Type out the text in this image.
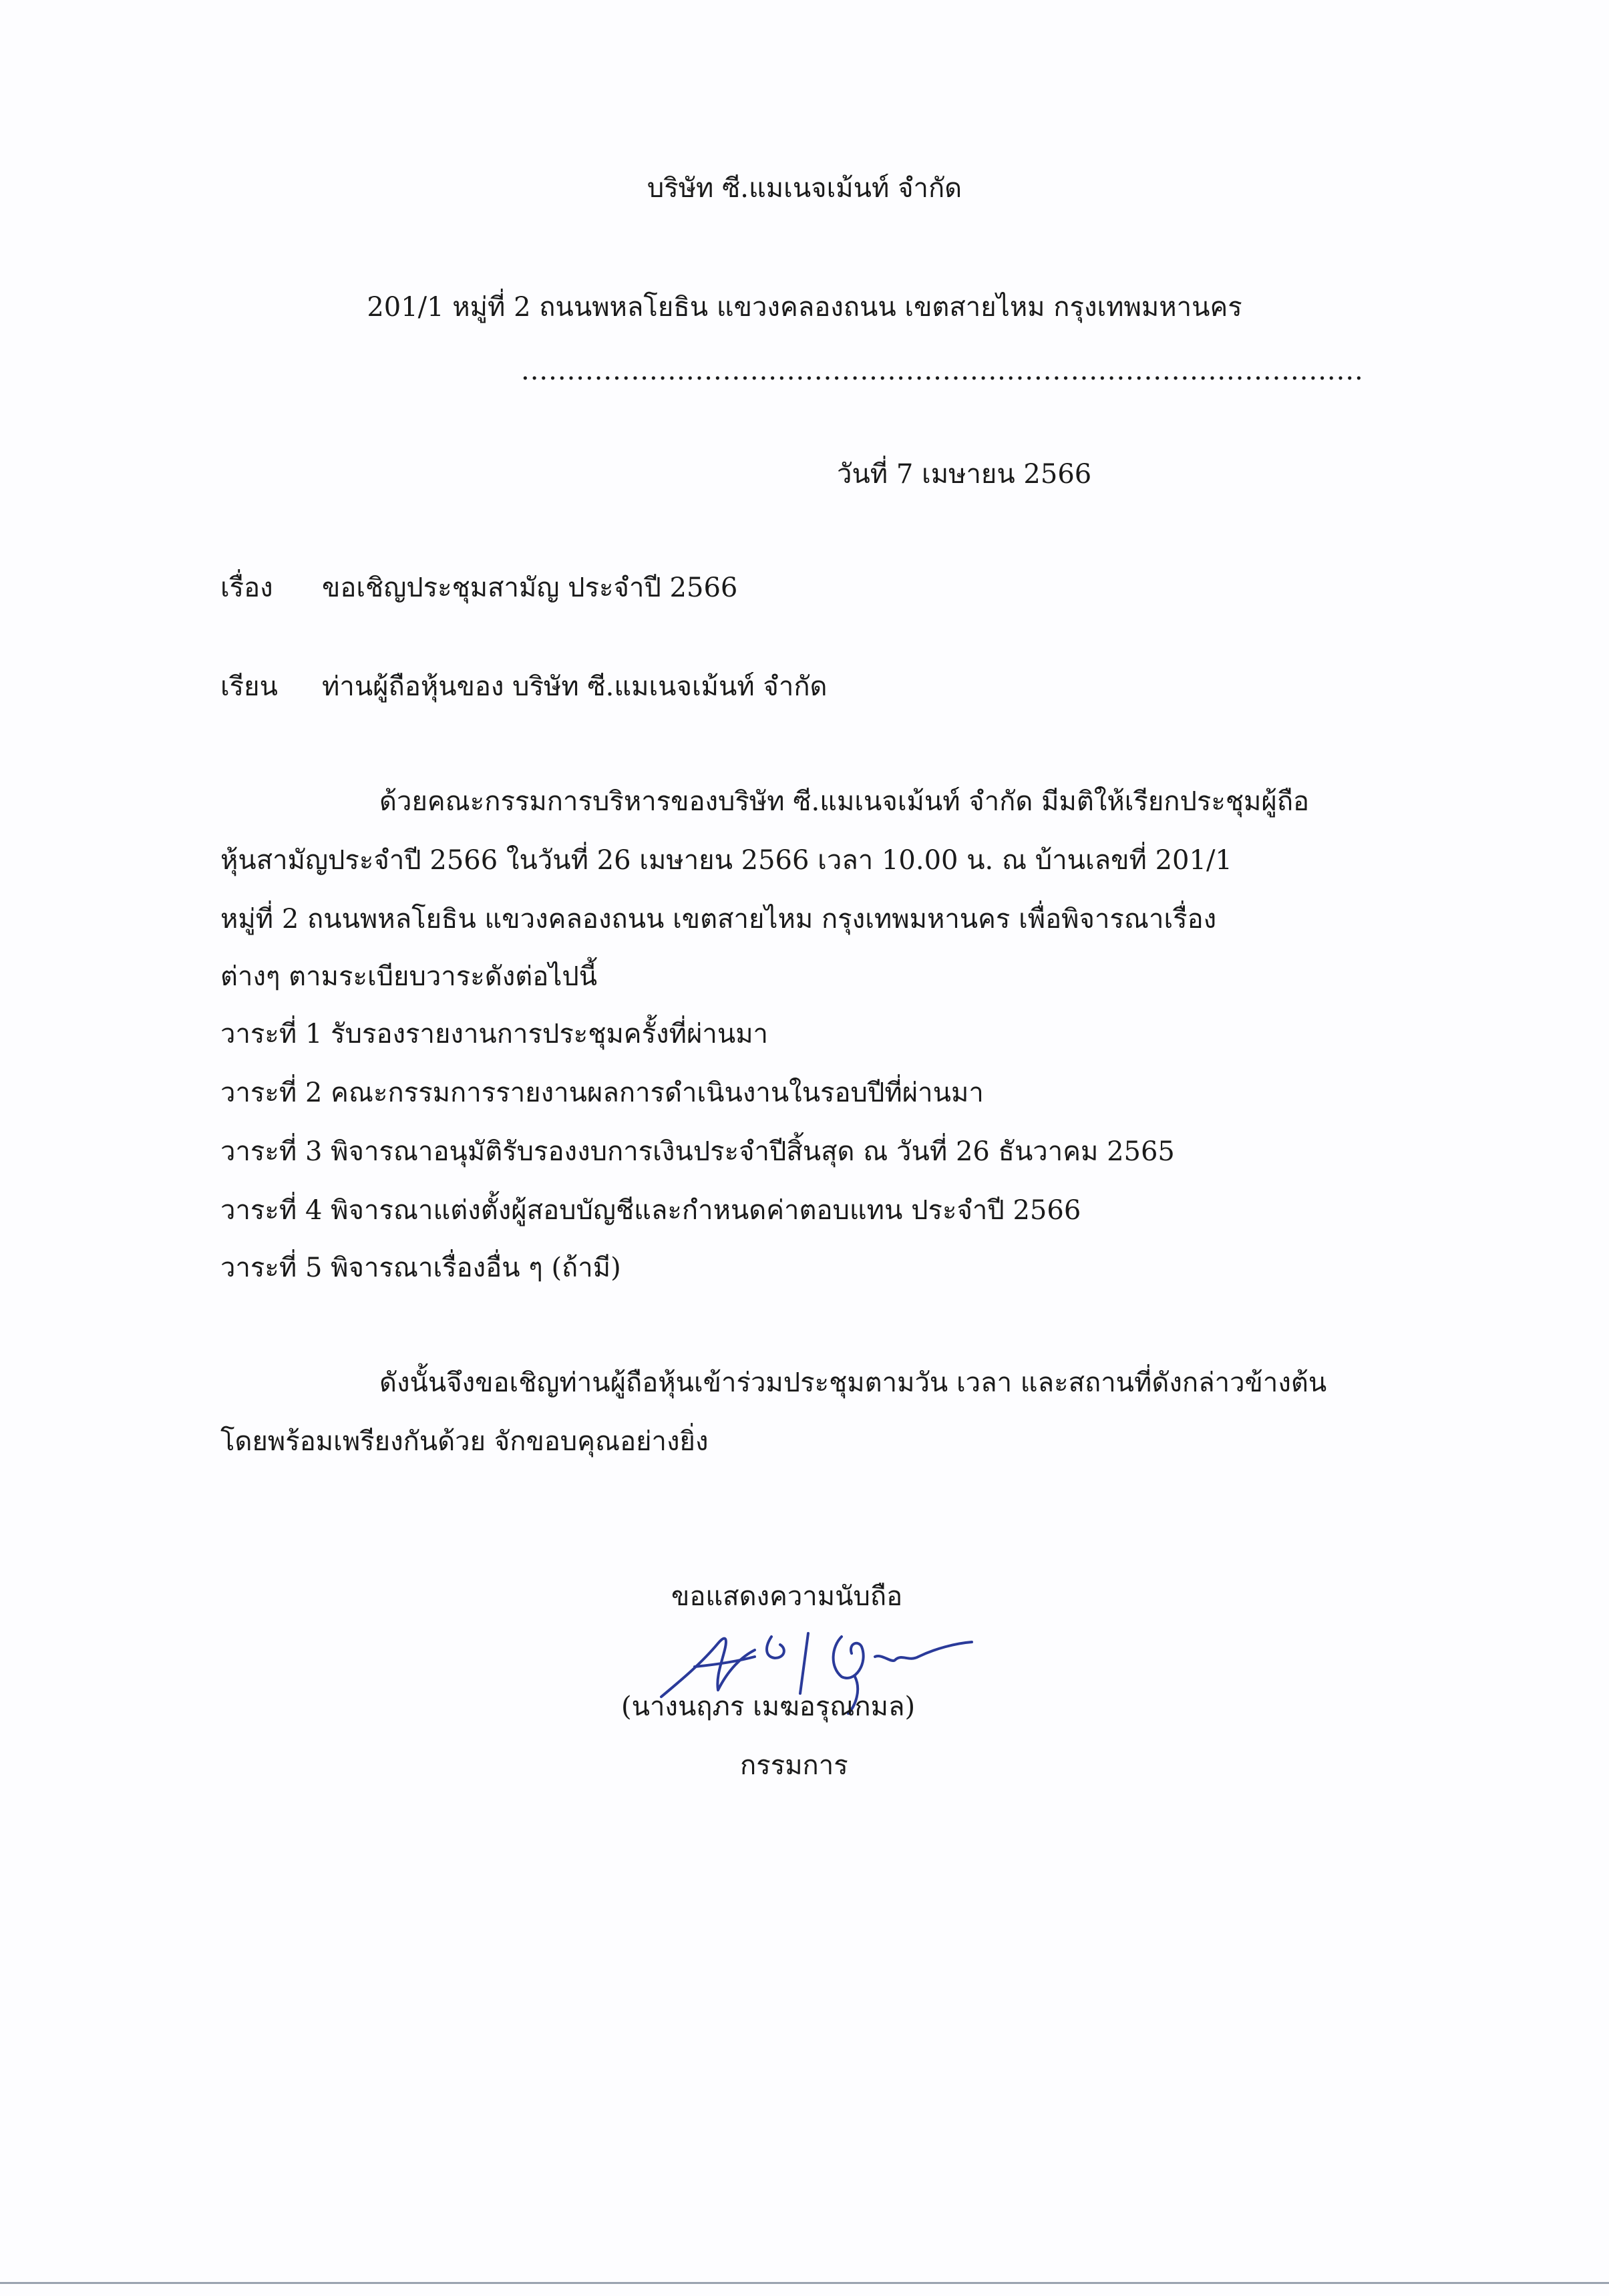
บริษัท ซี.แมเนจเม้นท์ จำกัด
201/1 หมู่ที่ 2 ถนนพหลโยธิน แขวงคลองถนน เขตสายไหม กรุงเทพมหานคร
............................................................................................
วันที่ 7 เมษายน 2566
เรื่อง ขอเชิญประชุมสามัญ ประจำปี 2566
เรียน ท่านผู้ถือหุ้นของ บริษัท ซี.แมเนจเม้นท์ จำกัด
ด้วยคณะกรรมการบริหารของบริษัท ซี.แมเนจเม้นท์ จำกัด มีมติให้เรียกประชุมผู้ถือ
หุ้นสามัญประจำปี 2566 ในวันที่ 26 เมษายน 2566 เวลา 10.00 น. ณ บ้านเลขที่ 201/1
หมู่ที่ 2 ถนนพหลโยธิน แขวงคลองถนน เขตสายไหม กรุงเทพมหานคร เพื่อพิจารณาเรื่อง
ต่างๆ ตามระเบียบวาระดังต่อไปนี้
วาระที่ 1 รับรองรายงานการประชุมครั้งที่ผ่านมา
วาระที่ 2 คณะกรรมการรายงานผลการดำเนินงานในรอบปีที่ผ่านมา
วาระที่ 3 พิจารณาอนุมัติรับรองงบการเงินประจำปีสิ้นสุด ณ วันที่ 26 ธันวาคม 2565
วาระที่ 4 พิจารณาแต่งตั้งผู้สอบบัญชีและกำหนดค่าตอบแทน ประจำปี 2566
วาระที่ 5 พิจารณาเรื่องอื่น ๆ (ถ้ามี)
ดังนั้นจึงขอเชิญท่านผู้ถือหุ้นเข้าร่วมประชุมตามวัน เวลา และสถานที่ดังกล่าวข้างต้น
โดยพร้อมเพรียงกันด้วย จักขอบคุณอย่างยิ่ง
ขอแสดงความนับถือ
(นางนฤภร เมฆอรุณกมล)
กรรมการ
